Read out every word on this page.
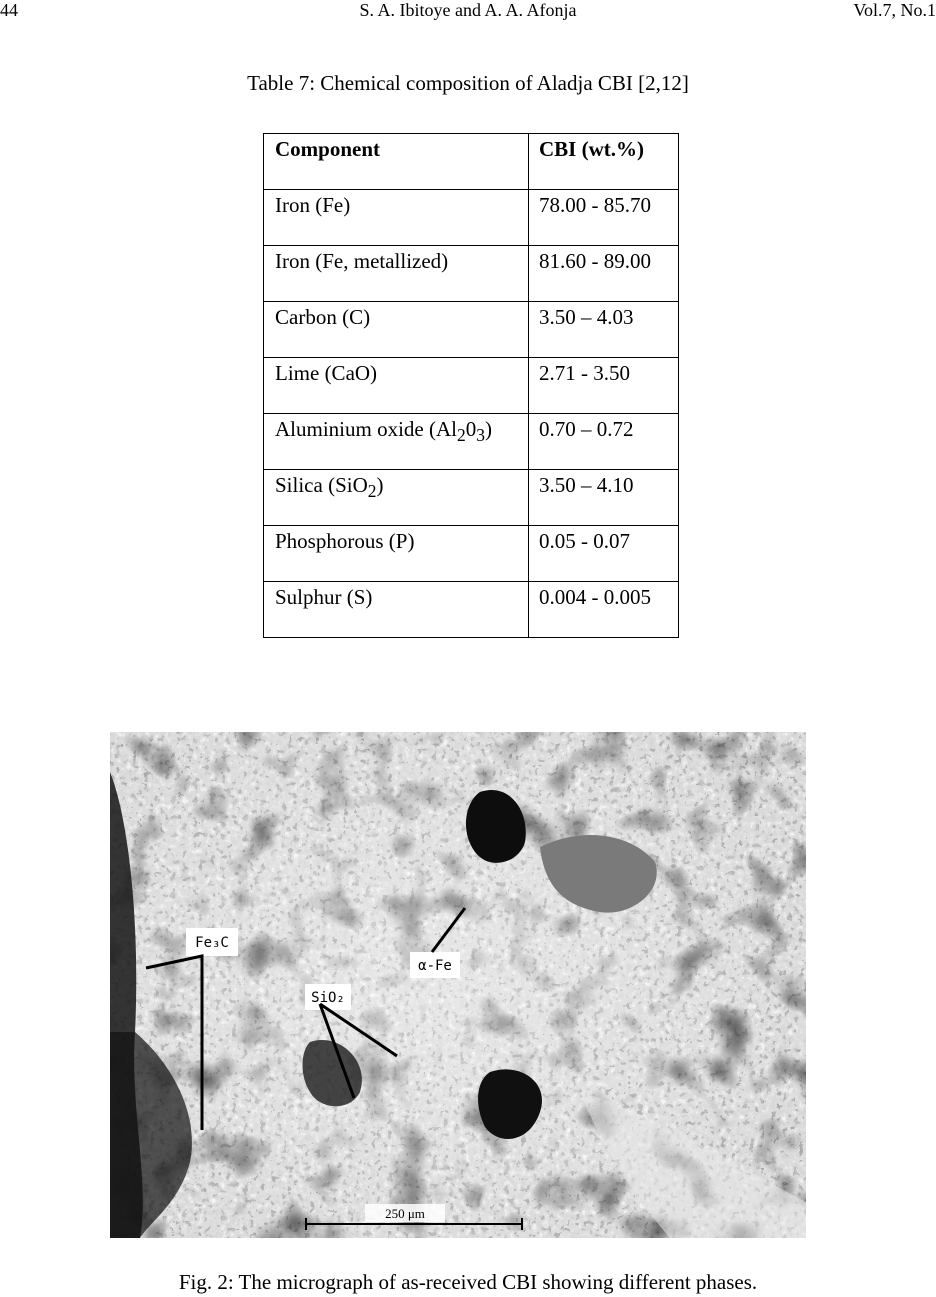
44	S. A. Ibitoye and A. A. Afonja	Vol.7, No.1
Table 7: Chemical composition of Aladja CBI [2,12]
Component	CBI (wt.%)
Iron (Fe)	78.00 - 85.70
Iron (Fe, metallized)	81.60 - 89.00
Carbon (C)	3.50 – 4.03
Lime (CaO)	2.71 - 3.50
Aluminium oxide $(Al_20_3)$	0.70 – 0.72
Silica (SiO$_2$)	3.50 – 4.10
Phosphorous (P)	0.05 - 0.07
Sulphur (S)	0.004 - 0.005
Fe₃C
α-Fe
SiO₂
250 μm
Fig. 2: The micrograph of as-received CBI showing different phases.
